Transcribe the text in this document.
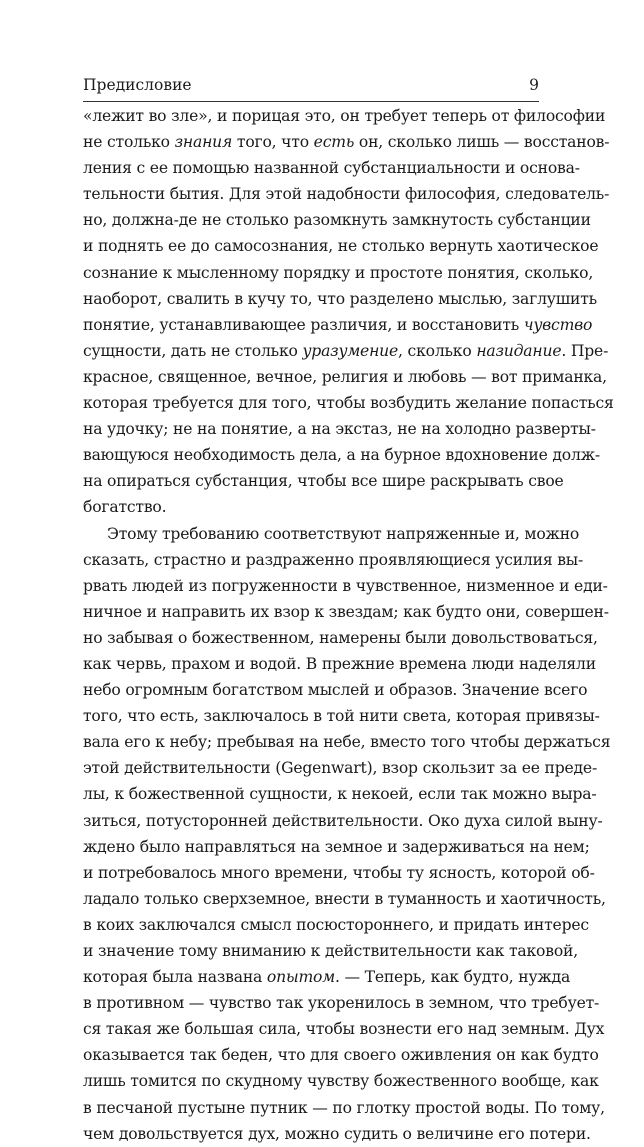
Предисловие	9
«лежит во зле», и порицая это, он требует теперь от философии
не столько знания того, что есть он, сколько лишь — восстанов-
ления с ее помощью названной субстанциальности и основа-
тельности бытия. Для этой надобности философия, следователь-
но, должна-де не столько разомкнуть замкнутость субстанции
и поднять ее до самосознания, не столько вернуть хаотическое
сознание к мысленному порядку и простоте понятия, сколько,
наоборот, свалить в кучу то, что разделено мыслью, заглушить
понятие, устанавливающее различия, и восстановить чувство
сущности, дать не столько уразумение, сколько назидание. Пре-
красное, священное, вечное, религия и любовь — вот приманка,
которая требуется для того, чтобы возбудить желание попасться
на удочку; не на понятие, а на экстаз, не на холодно разверты-
вающуюся необходимость дела, а на бурное вдохновение долж-
на опираться субстанция, чтобы все шире раскрывать свое
богатство.
Этому требованию соответствуют напряженные и, можно
сказать, страстно и раздраженно проявляющиеся усилия вы-
рвать людей из погруженности в чувственное, низменное и еди-
ничное и направить их взор к звездам; как будто они, совершен-
но забывая о божественном, намерены были довольствоваться,
как червь, прахом и водой. В прежние времена люди наделяли
небо огромным богатством мыслей и образов. Значение всего
того, что есть, заключалось в той нити света, которая привязы-
вала его к небу; пребывая на небе, вместо того чтобы держаться
этой действительности (Gegenwart), взор скользит за ее преде-
лы, к божественной сущности, к некоей, если так можно выра-
зиться, потусторонней действительности. Око духа силой выну-
ждено было направляться на земное и задерживаться на нем;
и потребовалось много времени, чтобы ту ясность, которой об-
ладало только сверхземное, внести в туманность и хаотичность,
в коих заключался смысл посюстороннего, и придать интерес
и значение тому вниманию к действительности как таковой,
которая была названа опытом. — Теперь, как будто, нужда
в противном — чувство так укоренилось в земном, что требует-
ся такая же большая сила, чтобы вознести его над земным. Дух
оказывается так беден, что для своего оживления он как будто
лишь томится по скудному чувству божественного вообще, как
в песчаной пустыне путник — по глотку простой воды. По тому,
чем довольствуется дух, можно судить о величине его потери.
